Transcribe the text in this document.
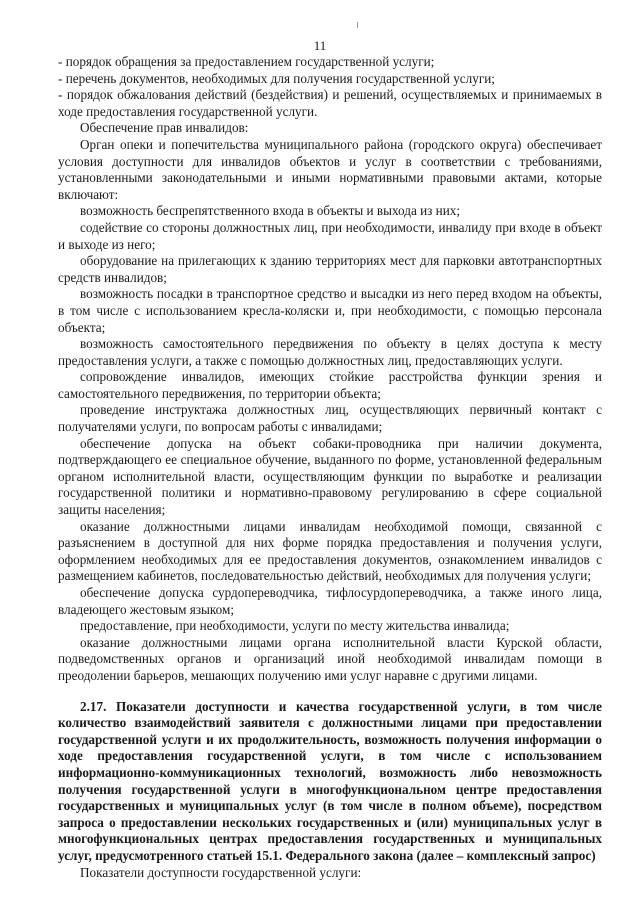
11

- порядок обращения за предоставлением государственной услуги;

- перечень документов, необходимых для получения государственной услуги;

- порядок обжалования действий (бездействия) и решений, осуществляемых и принимаемых в ходе предоставления государственной услуги.

Обеспечение прав инвалидов:

Орган опеки и попечительства муниципального района (городского округа) обеспечивает условия доступности для инвалидов объектов и услуг в соответствии с требованиями, установленными законодательными и иными нормативными правовыми актами, которые включают:

возможность беспрепятственного входа в объекты и выхода из них;

содействие со стороны должностных лиц, при необходимости, инвалиду при входе в объект и выходе из него;

оборудование на прилегающих к зданию территориях мест для парковки автотранспортных средств инвалидов;

возможность посадки в транспортное средство и высадки из него перед входом на объекты, в том числе с использованием кресла-коляски и, при необходимости, с помощью персонала объекта;

возможность самостоятельного передвижения по объекту в целях доступа к месту предоставления услуги, а также с помощью должностных лиц, предоставляющих услуги.

сопровождение инвалидов, имеющих стойкие расстройства функции зрения и самостоятельного передвижения, по территории объекта;

проведение инструктажа должностных лиц, осуществляющих первичный контакт с получателями услуги, по вопросам работы с инвалидами;

обеспечение допуска на объект собаки-проводника при наличии документа, подтверждающего ее специальное обучение, выданного по форме, установленной федеральным органом исполнительной власти, осуществляющим функции по выработке и реализации государственной политики и нормативно-правовому регулированию в сфере социальной защиты населения;

оказание должностными лицами инвалидам необходимой помощи, связанной с разъяснением в доступной для них форме порядка предоставления и получения услуги, оформлением необходимых для ее предоставления документов, ознакомлением инвалидов с размещением кабинетов, последовательностью действий, необходимых для получения услуги;

обеспечение допуска сурдопереводчика, тифлосурдопереводчика, а также иного лица, владеющего жестовым языком;

предоставление, при необходимости, услуги по месту жительства инвалида;

оказание должностными лицами органа исполнительной власти Курской области, подведомственных органов и организаций иной необходимой инвалидам помощи в преодолении барьеров, мешающих получению ими услуг наравне с другими лицами.

2.17. Показатели доступности и качества государственной услуги, в том числе количество взаимодействий заявителя с должностными лицами при предоставлении государственной услуги и их продолжительность, возможность получения информации о ходе предоставления государственной услуги, в том числе с использованием информационно-коммуникационных технологий, возможность либо невозможность получения государственной услуги в многофункциональном центре предоставления государственных и муниципальных услуг (в том числе в полном объеме), посредством запроса о предоставлении нескольких государственных и (или) муниципальных услуг в многофункциональных центрах предоставления государственных и муниципальных услуг, предусмотренного статьей 15.1. Федерального закона (далее – комплексный запрос)

Показатели доступности государственной услуги:
